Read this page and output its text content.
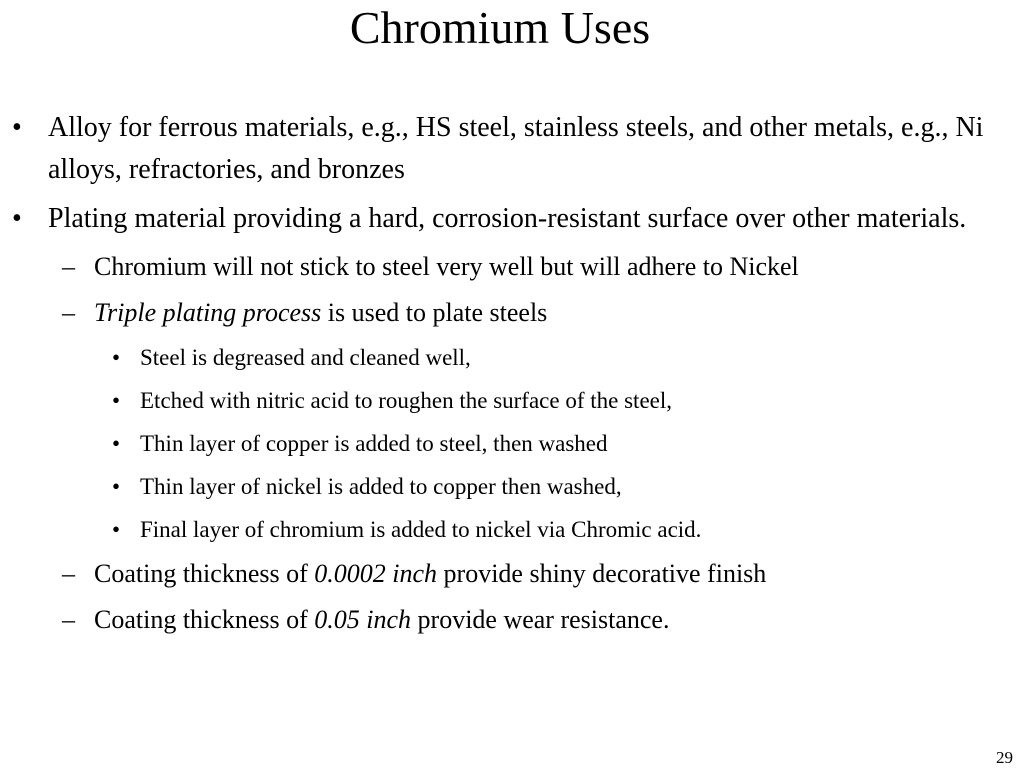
Chromium Uses

• Alloy for ferrous materials, e.g., HS steel, stainless steels, and other metals, e.g., Ni alloys, refractories, and bronzes

• Plating material providing a hard, corrosion-resistant surface over other materials.

– Chromium will not stick to steel very well but will adhere to Nickel

– Triple plating process is used to plate steels

• Steel is degreased and cleaned well,

• Etched with nitric acid to roughen the surface of the steel,

• Thin layer of copper is added to steel, then washed

• Thin layer of nickel is added to copper then washed,

• Final layer of chromium is added to nickel via Chromic acid.

– Coating thickness of 0.0002 inch provide shiny decorative finish

– Coating thickness of 0.05 inch provide wear resistance.

29
